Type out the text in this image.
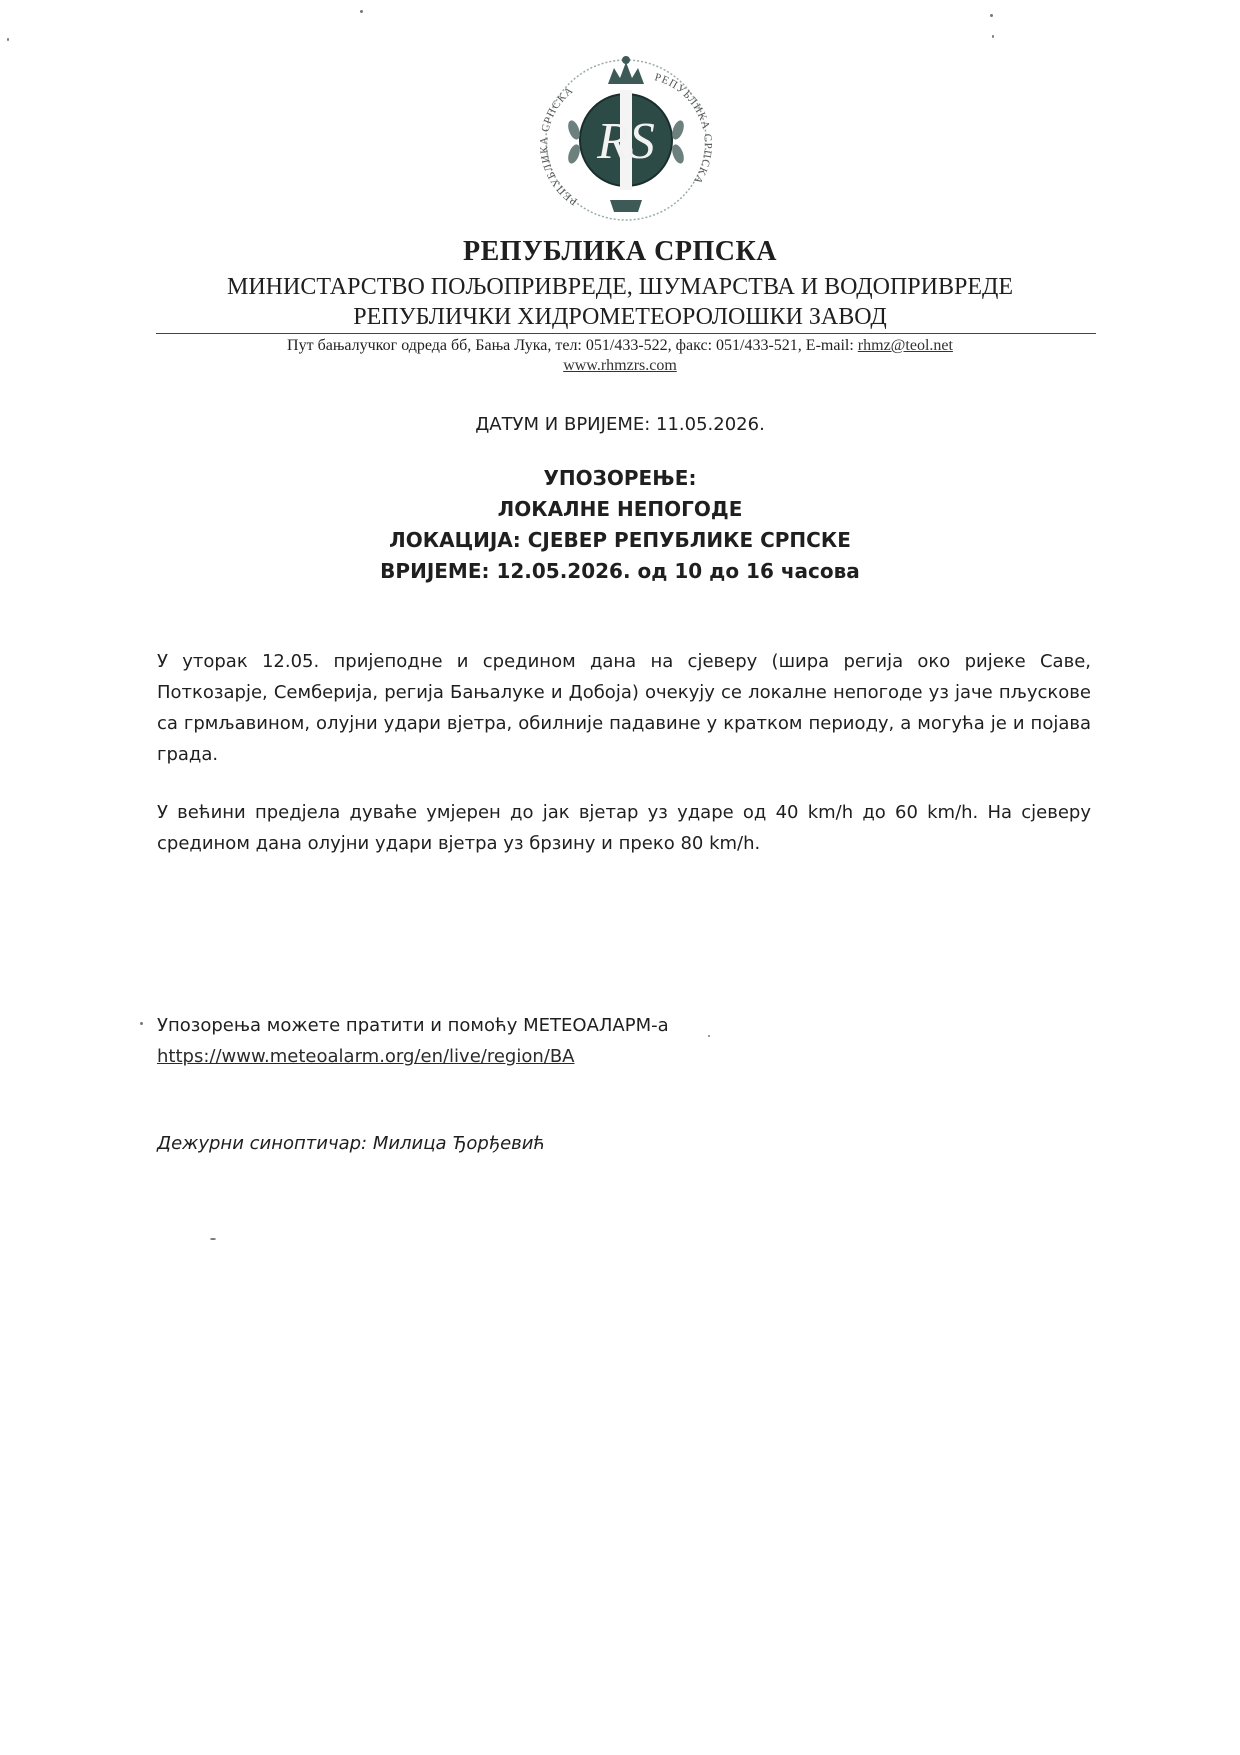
RS
РЕПУБЛИКА СРПСКА
РЕПУБЛИКА СРПСКА
РЕПУБЛИКА СРПСКА
МИНИСТАРСТВО ПОЉОПРИВРЕДЕ, ШУМАРСТВА И ВОДОПРИВРЕДЕ
РЕПУБЛИЧКИ ХИДРОМЕТЕОРОЛОШКИ ЗАВОД
Пут бањалучког одреда бб, Бања Лука, тел: 051/433-522, факс: 051/433-521, E-mail: rhmz@teol.net
www.rhmzrs.com
ДАТУМ И ВРИЈЕМЕ: 11.05.2026.
УПОЗОРЕЊЕ:
ЛОКАЛНЕ НЕПОГОДЕ
ЛОКАЦИЈА: СЈЕВЕР РЕПУБЛИКЕ СРПСКЕ
ВРИЈЕМЕ: 12.05.2026. од 10 до 16 часова
У уторак 12.05. пријеподне и средином дана на сјеверу (шира регија око ријеке Саве, Поткозарје, Семберија, регија Бањалуке и Добоја) очекују се локалне непогоде уз јаче пљускове са грмљавином, олујни удари вјетра, обилније падавине у кратком периоду, а могућа је и појава града.
У већини предјела дуваће умјерен до јак вјетар уз ударе од 40 km/h до 60 km/h. На сјеверу средином дана олујни удари вјетра уз брзину и преко 80 km/h.
Упозорења можете пратити и помоћу МЕТЕОАЛАРМ-а
https://www.meteoalarm.org/en/live/region/BA
Дежурни синоптичар: Милица Ђорђевић
